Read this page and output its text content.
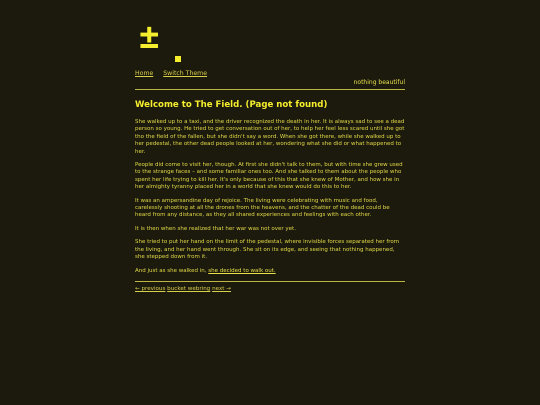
±
Home Switch Theme
nothing beautiful
Welcome to The Field. (Page not found)

She walked up to a taxi, and the driver recognized the death in her. It is always sad to see a dead person so young. He tried to get conversation out of her, to help her feel less scared until she got tho the field of the fallen, but she didn't say a word. When she got there, while she walked up to her pedestal, the other dead people looked at her, wondering what she did or what happened to her.

People did come to visit her, though. At first she didn't talk to them, but with time she grew used to the strange faces – and some familiar ones too. And she talked to them about the people who spent her life trying to kill her. It's only because of this that she knew of Mother, and how she in her almighty tyranny placed her in a world that she knew would do this to her.

It was an ampersandine day of rejoice. The living were celebrating with music and food, carelessly shooting at all the drones from the heavens, and the chatter of the dead could be heard from any distance, as they all shared experiences and feelings with each other.

It is then when she realized that her war was not over yet.

She tried to put her hand on the limit of the pedestal, where invisible forces separated her from the living, and her hand went through. She sit on its edge, and seeing that nothing happened, she stepped down from it.

And just as she walked in, she decided to walk out.

← previous bucket webring next →
